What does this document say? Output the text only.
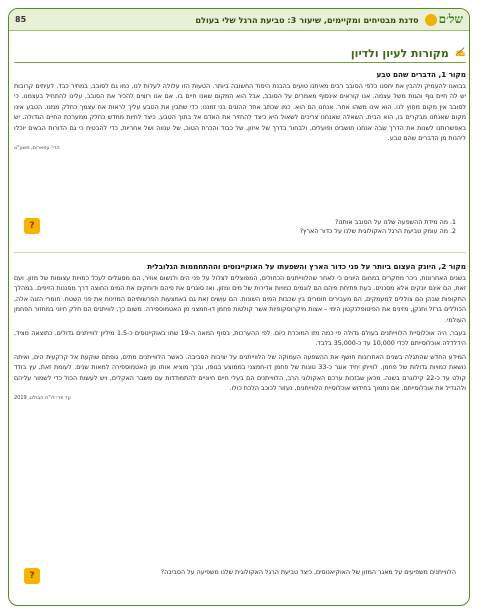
85	סדנת מבטיחים ומקיימים, שיעור 3: טביעת הרגל שלי בעולם	של׳ם
מקורות לעיון ולדיון ✍

מקור 1, הדברים שהם טבע

בבואנו להעמיק ולהבין את יחסנו כלפי הסובב רבים מאיתנו טועים בהבנת היסוד החשובה ביותר. הטעות הזו עלולה לעלות לנו, כמו גם לסובב, במחיר כבד. לעיתים קרובות יש לה חיים גוף והגות משל עצמה. אנו קוראים אינסוף מאמרים על הסובב, אבל הוא המקום שאנו חיים בו. אם אנו רוצים להכיר את הסובב, עלינו להתחיל בעצמנו. כי לסובב אין מקום מחוץ לנו. הוא אינו משהו אחר. אנחנו הם הוא. כמו שכתב אחד ההוגים בני זמננו: כדי שתבין את הטבע עליך לראות את עצמך כחלק ממנו. הטבע אינו מקום שאנחנו מבקרים בו, הוא הבית. השאלה שאנחנו צריכים לשאול היא כיצד להחזיר את האדם אל בתוך הטבע, כיצד לחיות מחדש כחלק ממערכת החיים הגדולה. יש באפשרותנו לשנות את הדרך שבה אנחנו חושבים ופועלים, ולבחור בדרך של איזון, של כבוד והכרת הטוב, של ענווה ושל אחריות, כדי להבטיח כי גם הדורות הבאים יוכלו ליהנות מן הדברים שהם טבע.

הדי' עפארים, תשע"ט
1. מה מידת ההשפעה שלנו על הסובב אותנו?
2. מה עומק טביעת הרגל האקולוגית שלנו על כדור הארץ?
?

מקור 2, היונק העצום ביותר על פני כדור הארץ והשפעתו על האוקיינוסים וההתחממות הגלובלית

בשנים האחרונות, ניכר מחקרים במחום היונים כי לאחר שהלווייתנים הכחולים, המפוצלים לצלול על פני הים ולנשום אוויר, הם מסוגלים לעכל כמויות עצומות של מזון. ועם זאת, הם אינם יונקים אלא מסננים. בעת פתיחת פיהם הם לוגמים כמויות אדירות של מים ומזון, ואז סוגרים את פיהם ודוחקים את המים החוצה דרך מסננות הזיפים. במהלך התקופות שבהן הם צוללים למעמקים, הם מעבירים חומרים בין שכבות המים השונות. הם עושים זאת גם באמצעות הפרשותיהם המזינות את פני השטח. חומרי הזנה אלה, הכוללים ברזל וחנקן, מזינים את הפיטופלנקטון הימי – אצות מיקרוסקופיות אשר קולטות פחמן דו-חמצני מן האטמוספירה. משום כך, לוויתנים הם חלק חיוני במחזור הפחמן העולמי.

בעבר, היה אוכלוסיית הלווייתנים בעולם גדולה פי כמה מזו המוכרת כיום. לפי ההערכות, בסוף המאה ה-19 שחו באוקיינוסים כ-1.5 מיליון לווייתנים גדולים. כתוצאה מציד, הידלדלה אוכלוסייתם לכדי 10,000 עד כ-35,000 בלבד.

המידע החדש שהתגלה בשנים האחרונות חושף את ההשפעה העמוקה של הלווייתנים על יציבות הסביבה. כאשר הלווייתנים מתים, גופתם שוקעת אל קרקעית הים, ואיתה נושאת כמויות גדולות של פחמן. לווייתן יחיד אוגר כ-33 טונות של פחמן דו-חמצני בממוצע בגופו, ובכך מוציא אותו מן האטמוספירה למאות שנים. לעומת זאת, עץ בודד קולט עד כ-22 קילוגרם בשנה. מכאן שבזכות ערכם האקולוגי הרב, הלווייתנים הם בעלי חיים חיוניים להתמודדות עם משבר האקלים, ויש לעשות הכול כדי לשמור עליהם ולהגדיל את אוכלוסייתם. אם נתמוך בחידוש אוכלוסיית הלווייתנים, נעזור לכוכב הלכת כולו.

עד פרי דו"ח הבולט, 2019

הלווייתנים משפיעים על מאגר המזון של האוקיאנוסים, כיצד טביעת הרגל האקולוגית שלנו משפיעה על הסביבה?

?
